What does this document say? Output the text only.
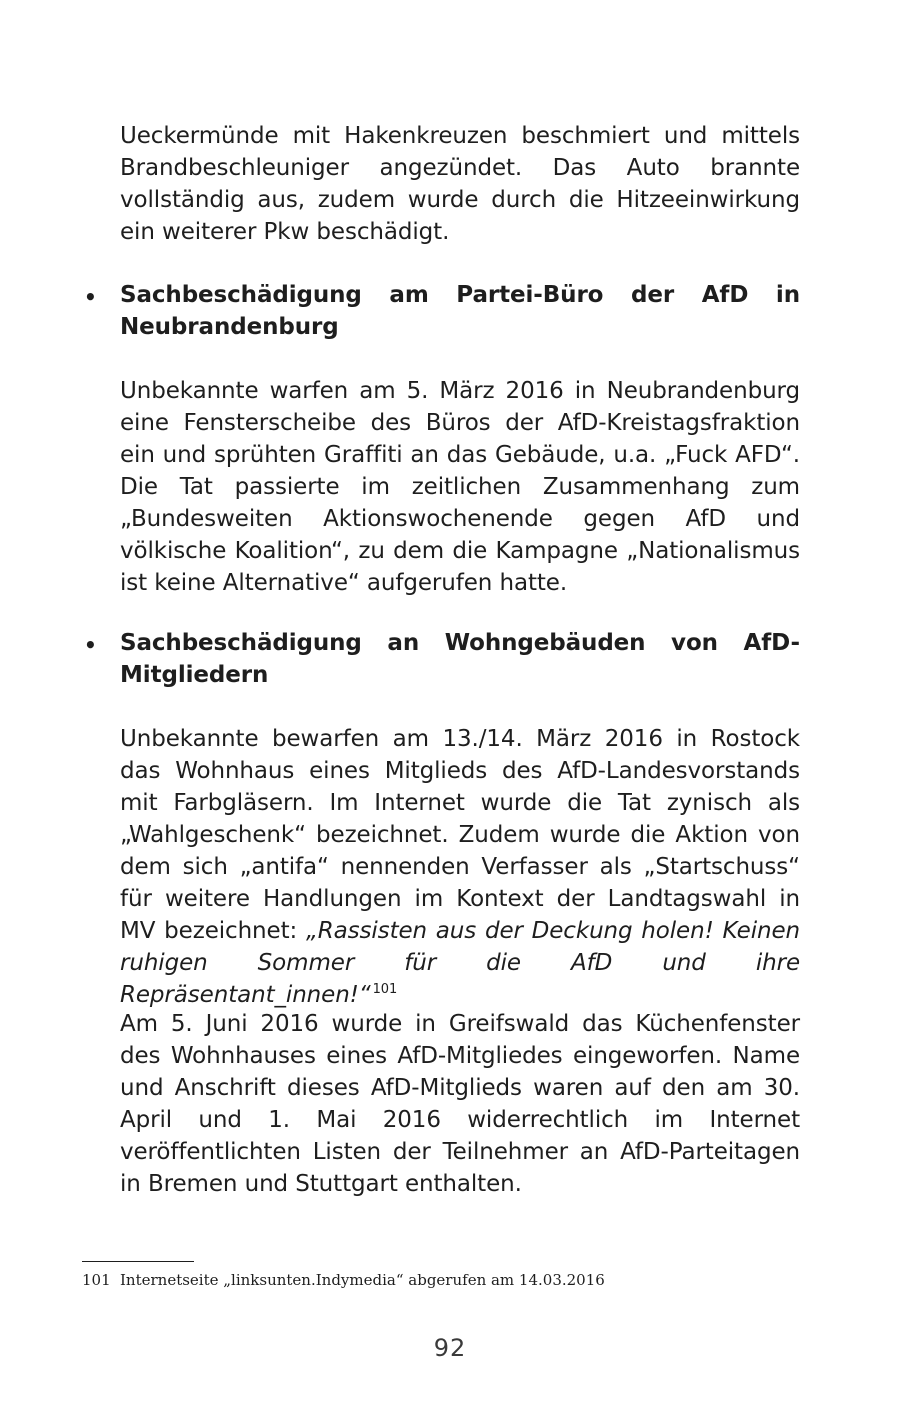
Ueckermünde mit Hakenkreuzen beschmiert und mittels Brandbeschleuniger angezündet. Das Auto brannte vollständig aus, zudem wurde durch die Hitzeeinwirkung ein weiterer Pkw beschädigt.

• Sachbeschädigung am Partei-Büro der AfD in Neubrandenburg

Unbekannte warfen am 5. März 2016 in Neubrandenburg eine Fensterscheibe des Büros der AfD-Kreistagsfraktion ein und sprühten Graffiti an das Gebäude, u.a. „Fuck AFD“. Die Tat passierte im zeitlichen Zusammenhang zum „Bundesweiten Aktionswochenende gegen AfD und völkische Koalition“, zu dem die Kampagne „Nationalismus ist keine Alternative“ aufgerufen hatte.

• Sachbeschädigung an Wohngebäuden von AfD-Mitgliedern

Unbekannte bewarfen am 13./14. März 2016 in Rostock das Wohnhaus eines Mitglieds des AfD-Landesvorstands mit Farbgläsern. Im Internet wurde die Tat zynisch als „Wahlgeschenk“ bezeichnet. Zudem wurde die Aktion von dem sich „antifa“ nennenden Verfasser als „Startschuss“ für weitere Handlungen im Kontext der Landtagswahl in MV bezeichnet: „Rassisten aus der Deckung holen! Keinen ruhigen Sommer für die AfD und ihre Repräsentant_innen!“ $^{101}$

Am 5. Juni 2016 wurde in Greifswald das Küchenfenster des Wohnhauses eines AfD-Mitgliedes eingeworfen. Name und Anschrift dieses AfD-Mitglieds waren auf den am 30. April und 1. Mai 2016 widerrechtlich im Internet veröffentlichten Listen der Teilnehmer an AfD-Parteitagen in Bremen und Stuttgart enthalten.

101 Internetseite „linksunten.Indymedia“ abgerufen am 14.03.2016
92
